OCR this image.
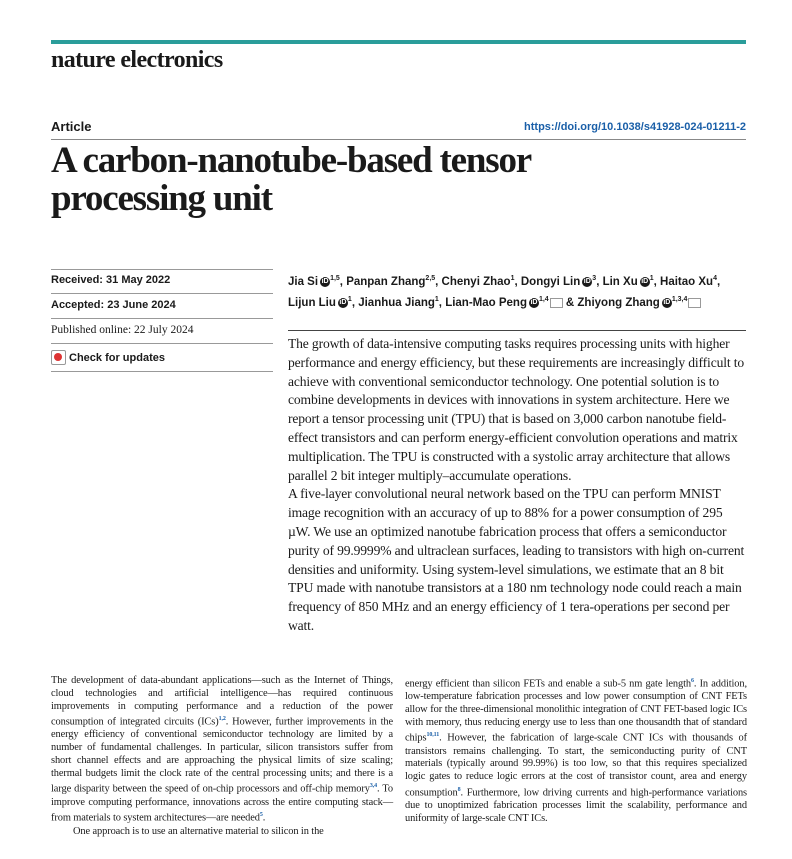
nature electronics
Article	https://doi.org/10.1038/s41928-024-01211-2
A carbon-nanotube-based tensor
processing unit
Received: 31 May 2022
Accepted: 23 June 2024
Published online: 22 July 2024
Check for updates
Jia Si iD $^{1,5}$, Panpan Zhang$^{2,5}$, Chenyi Zhao$^1$, Dongyi Lin iD $^3$, Lin Xu iD $^1$, Haitao Xu$^4$, Lijun Liu iD $^1$, Jianhua Jiang$^1$, Lian-Mao Peng iD $^{1,4}$ & Zhiyong Zhang iD $^{1,3,4}$

The growth of data-intensive computing tasks requires processing units with higher performance and energy efficiency, but these requirements are increasingly difficult to achieve with conventional semiconductor technology. One potential solution is to combine developments in devices with innovations in system architecture. Here we report a tensor processing unit (TPU) that is based on 3,000 carbon nanotube field-effect transistors and can perform energy-efficient convolution operations and matrix multiplication. The TPU is constructed with a systolic array architecture that allows parallel 2 bit integer multiply–accumulate operations.

A five-layer convolutional neural network based on the TPU can perform MNIST image recognition with an accuracy of up to 88% for a power consumption of 295 µW. We use an optimized nanotube fabrication process that offers a semiconductor purity of 99.9999% and ultraclean surfaces, leading to transistors with high on-current densities and uniformity. Using system-level simulations, we estimate that an 8 bit TPU made with nanotube transistors at a 180 nm technology node could reach a main frequency of 850 MHz and an energy efficiency of 1 tera-operations per second per watt.

The development of data-abundant applications—such as the Internet of Things, cloud technologies and artificial intelligence—has required continuous improvements in computing performance and a reduction of the power consumption of integrated circuits (ICs)$^{1,2}$. However, further improvements in the energy efficiency of conventional semiconductor technology are limited by a number of fundamental challenges. In particular, silicon transistors suffer from short channel effects and are approaching the physical limits of size scaling; thermal budgets limit the clock rate of the central processing units; and there is a large disparity between the speed of on-chip processors and off-chip memory$^{3,4}$. To improve computing performance, innovations across the entire computing stack—from materials to system architectures—are needed$^5$.

One approach is to use an alternative material to silicon in the

energy efficient than silicon FETs and enable a sub-5 nm gate length$^6$. In addition, low-temperature fabrication processes and low power consumption of CNT FETs allow for the three-dimensional monolithic integration of CNT FET-based logic ICs with memory, thus reducing energy use to less than one thousandth that of standard chips$^{10,11}$. However, the fabrication of large-scale CNT ICs with thousands of transistors remains challenging. To start, the semiconducting purity of CNT materials (typically around 99.99%) is too low, so that this requires specialized logic gates to reduce logic errors at the cost of transistor count, area and energy consumption$^8$. Furthermore, low driving currents and high-performance variations due to unoptimized fabrication processes limit the scalability, performance and uniformity of large-scale CNT ICs.
